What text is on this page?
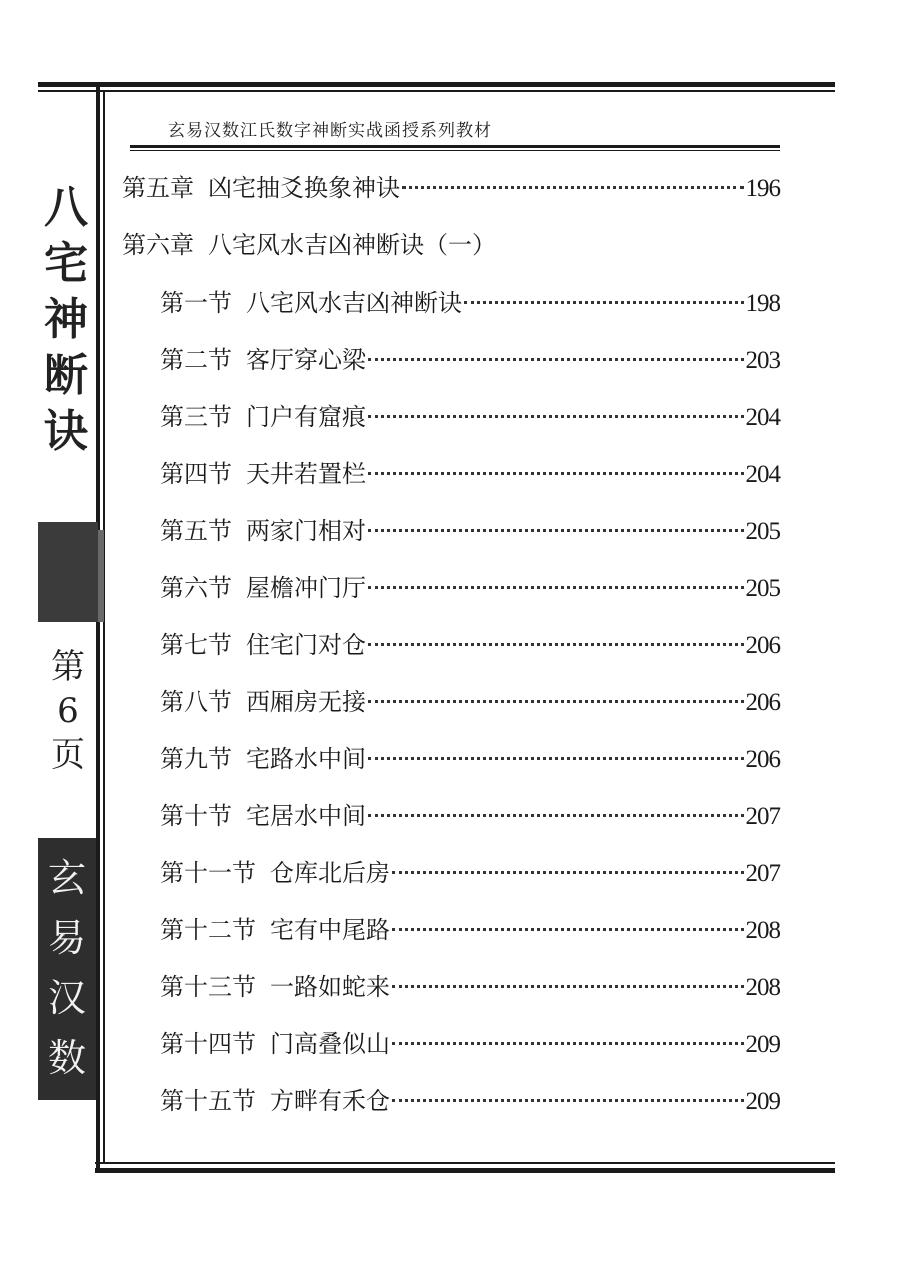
玄易汉数江氏数字神断实战函授系列教材
八
宅
神
断
诀
第
6
页
玄
易
汉
数
第五章 凶宅抽爻换象神诀	196
第六章 八宅风水吉凶神断诀（一）
第一节 八宅风水吉凶神断诀	198
第二节 客厅穿心梁	203
第三节 门户有窟痕	204
第四节 天井若置栏	204
第五节 两家门相对	205
第六节 屋檐冲门厅	205
第七节 住宅门对仓	206
第八节 西厢房无接	206
第九节 宅路水中间	206
第十节 宅居水中间	207
第十一节 仓库北后房	207
第十二节 宅有中尾路	208
第十三节 一路如蛇来	208
第十四节 门高叠似山	209
第十五节 方畔有禾仓	209
